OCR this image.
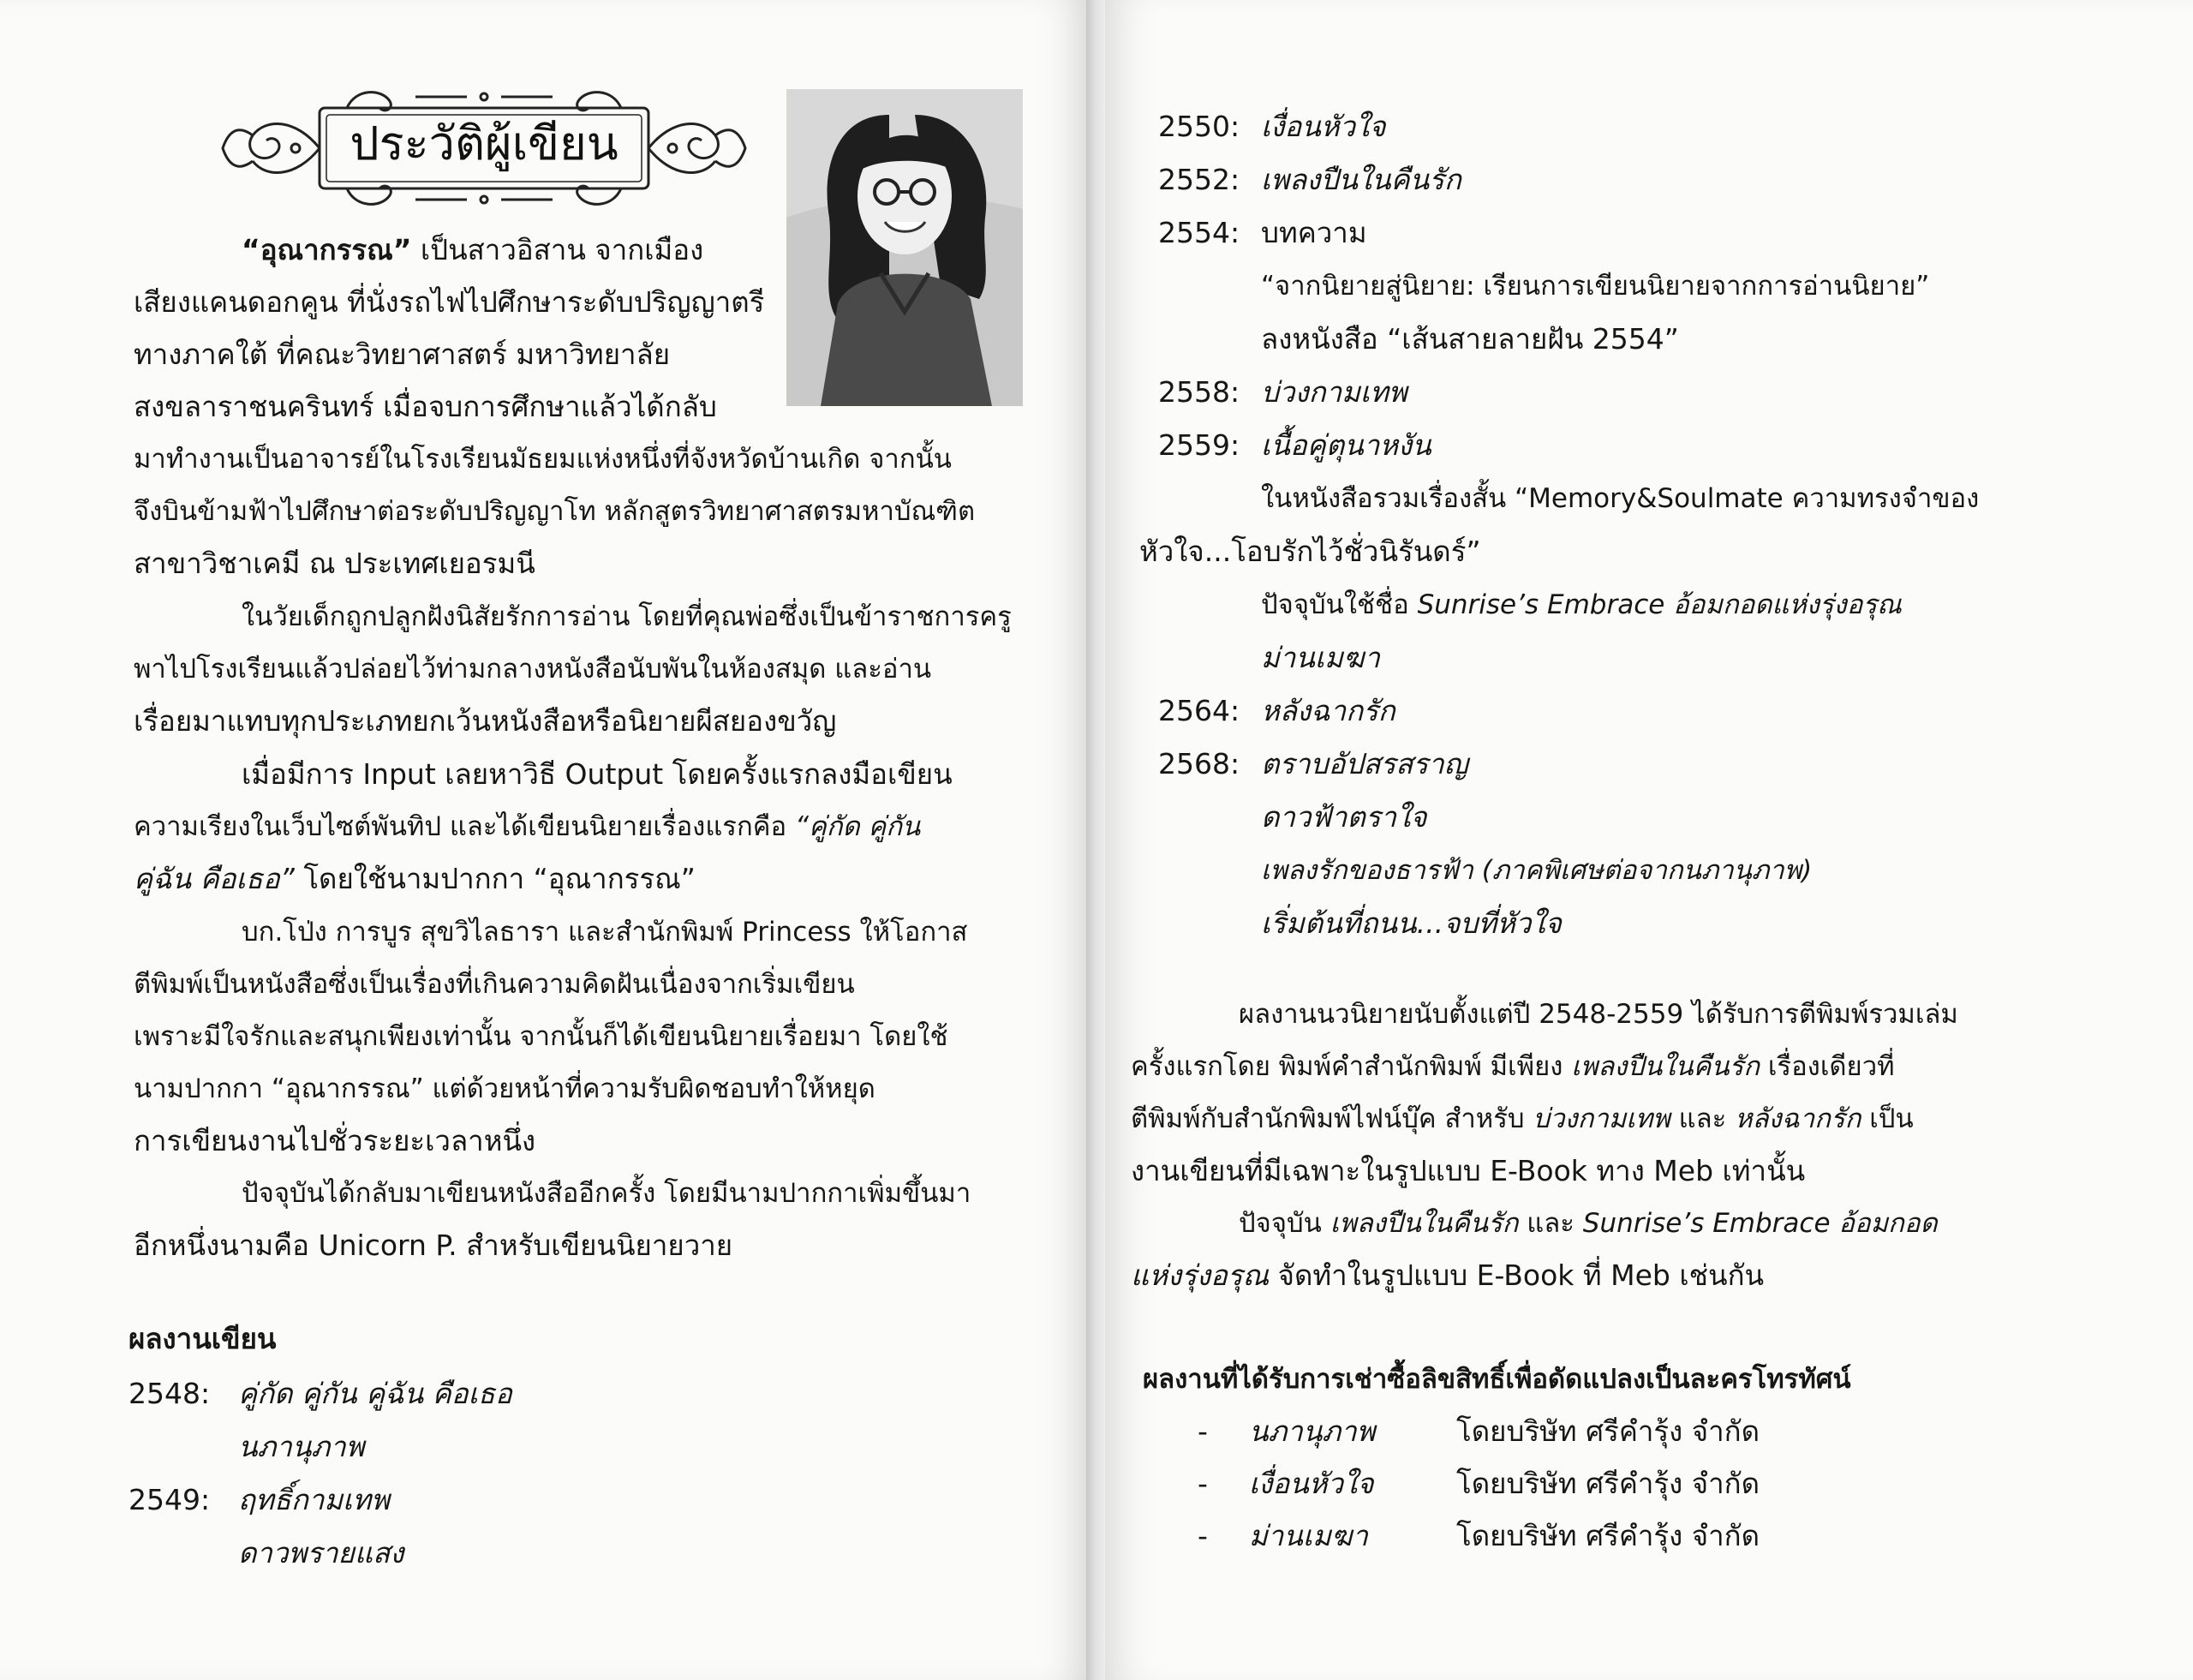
ประวัติผู้เขียน
“อุณากรรณ” เป็นสาวอิสาน จากเมือง
เสียงแคนดอกคูน ที่นั่งรถไฟไปศึกษาระดับปริญญาตรี
ทางภาคใต้ ที่คณะวิทยาศาสตร์ มหาวิทยาลัย
สงขลาราชนครินทร์ เมื่อจบการศึกษาแล้วได้กลับ
มาทำงานเป็นอาจารย์ในโรงเรียนมัธยมแห่งหนึ่งที่จังหวัดบ้านเกิด จากนั้น
จึงบินข้ามฟ้าไปศึกษาต่อระดับปริญญาโท หลักสูตรวิทยาศาสตรมหาบัณฑิต
สาขาวิชาเคมี ณ ประเทศเยอรมนี
ในวัยเด็กถูกปลูกฝังนิสัยรักการอ่าน โดยที่คุณพ่อซึ่งเป็นข้าราชการครู
พาไปโรงเรียนแล้วปล่อยไว้ท่ามกลางหนังสือนับพันในห้องสมุด และอ่าน
เรื่อยมาแทบทุกประเภทยกเว้นหนังสือหรือนิยายผีสยองขวัญ
เมื่อมีการ Input เลยหาวิธี Output โดยครั้งแรกลงมือเขียน
ความเรียงในเว็บไซต์พันทิป และได้เขียนนิยายเรื่องแรกคือ “คู่กัด คู่กัน
คู่ฉัน คือเธอ” โดยใช้นามปากกา “อุณากรรณ”
บก.โป่ง การบูร สุขวิไลธารา และสำนักพิมพ์ Princess ให้โอกาส
ตีพิมพ์เป็นหนังสือซึ่งเป็นเรื่องที่เกินความคิดฝันเนื่องจากเริ่มเขียน
เพราะมีใจรักและสนุกเพียงเท่านั้น จากนั้นก็ได้เขียนนิยายเรื่อยมา โดยใช้
นามปากกา “อุณากรรณ” แต่ด้วยหน้าที่ความรับผิดชอบทำให้หยุด
การเขียนงานไปชั่วระยะเวลาหนึ่ง
ปัจจุบันได้กลับมาเขียนหนังสืออีกครั้ง โดยมีนามปากกาเพิ่มขึ้นมา
อีกหนึ่งนามคือ Unicorn P. สำหรับเขียนนิยายวาย
ผลงานเขียน
2548: คู่กัด คู่กัน คู่ฉัน คือเธอ
นภานุภาพ
2549: ฤทธิ์กามเทพ
ดาวพรายแสง
2550: เงื่อนหัวใจ
2552: เพลงปืนในคืนรัก
2554: บทความ
“จากนิยายสู่นิยาย: เรียนการเขียนนิยายจากการอ่านนิยาย”
ลงหนังสือ “เส้นสายลายฝัน 2554”
2558: บ่วงกามเทพ
2559: เนื้อคู่ตุนาหงัน
ในหนังสือรวมเรื่องสั้น “Memory&Soulmate ความทรงจำของ
หัวใจ...โอบรักไว้ชั่วนิรันดร์”
ปัจจุบันใช้ชื่อ Sunrise’s Embrace อ้อมกอดแห่งรุ่งอรุณ
ม่านเมฆา
2564: หลังฉากรัก
2568: ตราบอัปสรสราญ
ดาวฟ้าตราใจ
เพลงรักของธารฟ้า (ภาคพิเศษต่อจากนภานุภาพ)
เริ่มต้นที่ถนน...จบที่หัวใจ
ผลงานนวนิยายนับตั้งแต่ปี 2548-2559 ได้รับการตีพิมพ์รวมเล่ม
ครั้งแรกโดย พิมพ์คำสำนักพิมพ์ มีเพียง เพลงปืนในคืนรัก เรื่องเดียวที่
ตีพิมพ์กับสำนักพิมพ์ไฟน์บุ๊ค สำหรับ บ่วงกามเทพ และ หลังฉากรัก เป็น
งานเขียนที่มีเฉพาะในรูปแบบ E-Book ทาง Meb เท่านั้น
ปัจจุบัน เพลงปืนในคืนรัก และ Sunrise’s Embrace อ้อมกอด
แห่งรุ่งอรุณ จัดทำในรูปแบบ E-Book ที่ Meb เช่นกัน
ผลงานที่ได้รับการเช่าซื้อลิขสิทธิ์เพื่อดัดแปลงเป็นละครโทรทัศน์
- นภานุภาพ	โดยบริษัท ศรีคำรุ้ง จำกัด
- เงื่อนหัวใจ	โดยบริษัท ศรีคำรุ้ง จำกัด
- ม่านเมฆา	โดยบริษัท ศรีคำรุ้ง จำกัด
